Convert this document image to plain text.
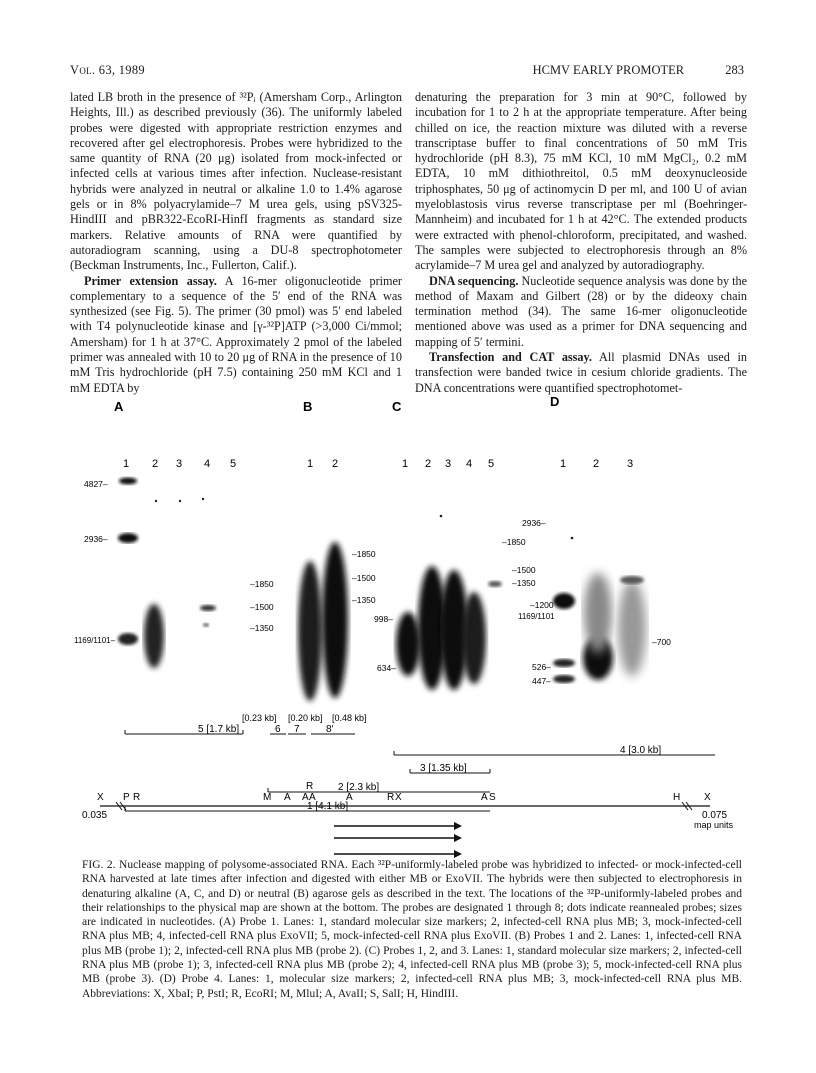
Vol. 63, 1989	HCMV EARLY PROMOTER	283

lated LB broth in the presence of ³²Pᵢ (Amersham Corp., Arlington Heights, Ill.) as described previously (36). The uniformly labeled probes were digested with appropriate restriction enzymes and recovered after gel electrophoresis. Probes were hybridized to the same quantity of RNA (20 μg) isolated from mock-infected or infected cells at various times after infection. Nuclease-resistant hybrids were analyzed in neutral or alkaline 1.0 to 1.4% agarose gels or in 8% polyacrylamide–7 M urea gels, using pSV325-HindIII and pBR322-EcoRI-HinfI fragments as standard size markers. Relative amounts of RNA were quantified by autoradiogram scanning, using a DU-8 spectrophotometer (Beckman Instruments, Inc., Fullerton, Calif.).

Primer extension assay. A 16-mer oligonucleotide primer complementary to a sequence of the 5′ end of the RNA was synthesized (see Fig. 5). The primer (30 pmol) was 5′ end labeled with T4 polynucleotide kinase and [γ-³²P]ATP (>3,000 Ci/mmol; Amersham) for 1 h at 37°C. Approximately 2 pmol of the labeled primer was annealed with 10 to 20 μg of RNA in the presence of 10 mM Tris hydrochloride (pH 7.5) containing 250 mM KCl and 1 mM EDTA by

denaturing the preparation for 3 min at 90°C, followed by incubation for 1 to 2 h at the appropriate temperature. After being chilled on ice, the reaction mixture was diluted with a reverse transcriptase buffer to final concentrations of 50 mM Tris hydrochloride (pH 8.3), 75 mM KCl, 10 mM MgCl₂, 0.2 mM EDTA, 10 mM dithiothreitol, 0.5 mM deoxynucleoside triphosphates, 50 μg of actinomycin D per ml, and 100 U of avian myeloblastosis virus reverse transcriptase per ml (Boehringer-Mannheim) and incubated for 1 h at 42°C. The extended products were extracted with phenol-chloroform, precipitated, and washed. The samples were subjected to electrophoresis through an 8% acrylamide–7 M urea gel and analyzed by autoradiography.

DNA sequencing. Nucleotide sequence analysis was done by the method of Maxam and Gilbert (28) or by the dideoxy chain termination method (34). The same 16-mer oligonucleotide mentioned above was used as a primer for DNA sequencing and mapping of 5′ termini.

Transfection and CAT assay. All plasmid DNAs used in transfection were banded twice in cesium chloride gradients. The DNA concentrations were quantified spectrophotomet-

A
1 2 3 4 5
4827–
2936–
1169/1101–
–1850
–1500
–1350
B
1 2
–1850
–1500
–1350
C
1 2 3 4 5
998–
634–
–1850
–1500
–1350
D
1 2	3
2936–
–1200
1169/1101
526–
447–
–700
[0.23 kb] [0.20 kb] [0.48 kb]
5 [1.7 kb]	6 7	8′
4 [3.0 kb]
3 [1.35 kb]
2 [2.3 kb]
1 [4.1 kb]
X P R	M A A A
R
A	R X	A S	H X
0.035	0.075
map units

FIG. 2. Nuclease mapping of polysome-associated RNA. Each ³²P-uniformly-labeled probe was hybridized to infected- or mock-infected-cell RNA harvested at late times after infection and digested with either MB or ExoVII. The hybrids were then subjected to electrophoresis in denaturing alkaline (A, C, and D) or neutral (B) agarose gels as described in the text. The locations of the ³²P-uniformly-labeled probes and their relationships to the physical map are shown at the bottom. The probes are designated 1 through 8; dots indicate reannealed probes; sizes are indicated in nucleotides. (A) Probe 1. Lanes: 1, standard molecular size markers; 2, infected-cell RNA plus MB; 3, mock-infected-cell RNA plus MB; 4, infected-cell RNA plus ExoVII; 5, mock-infected-cell RNA plus ExoVII. (B) Probes 1 and 2. Lanes: 1, infected-cell RNA plus MB (probe 1); 2, infected-cell RNA plus MB (probe 2). (C) Probes 1, 2, and 3. Lanes: 1, standard molecular size markers; 2, infected-cell RNA plus MB (probe 1); 3, infected-cell RNA plus MB (probe 2); 4, infected-cell RNA plus MB (probe 3); 5, mock-infected-cell RNA plus MB (probe 3). (D) Probe 4. Lanes: 1, molecular size markers; 2, infected-cell RNA plus MB; 3, mock-infected-cell RNA plus MB. Abbreviations: X, XbaI; P, PstI; R, EcoRI; M, MluI; A, AvaII; S, SalI; H, HindIII.
